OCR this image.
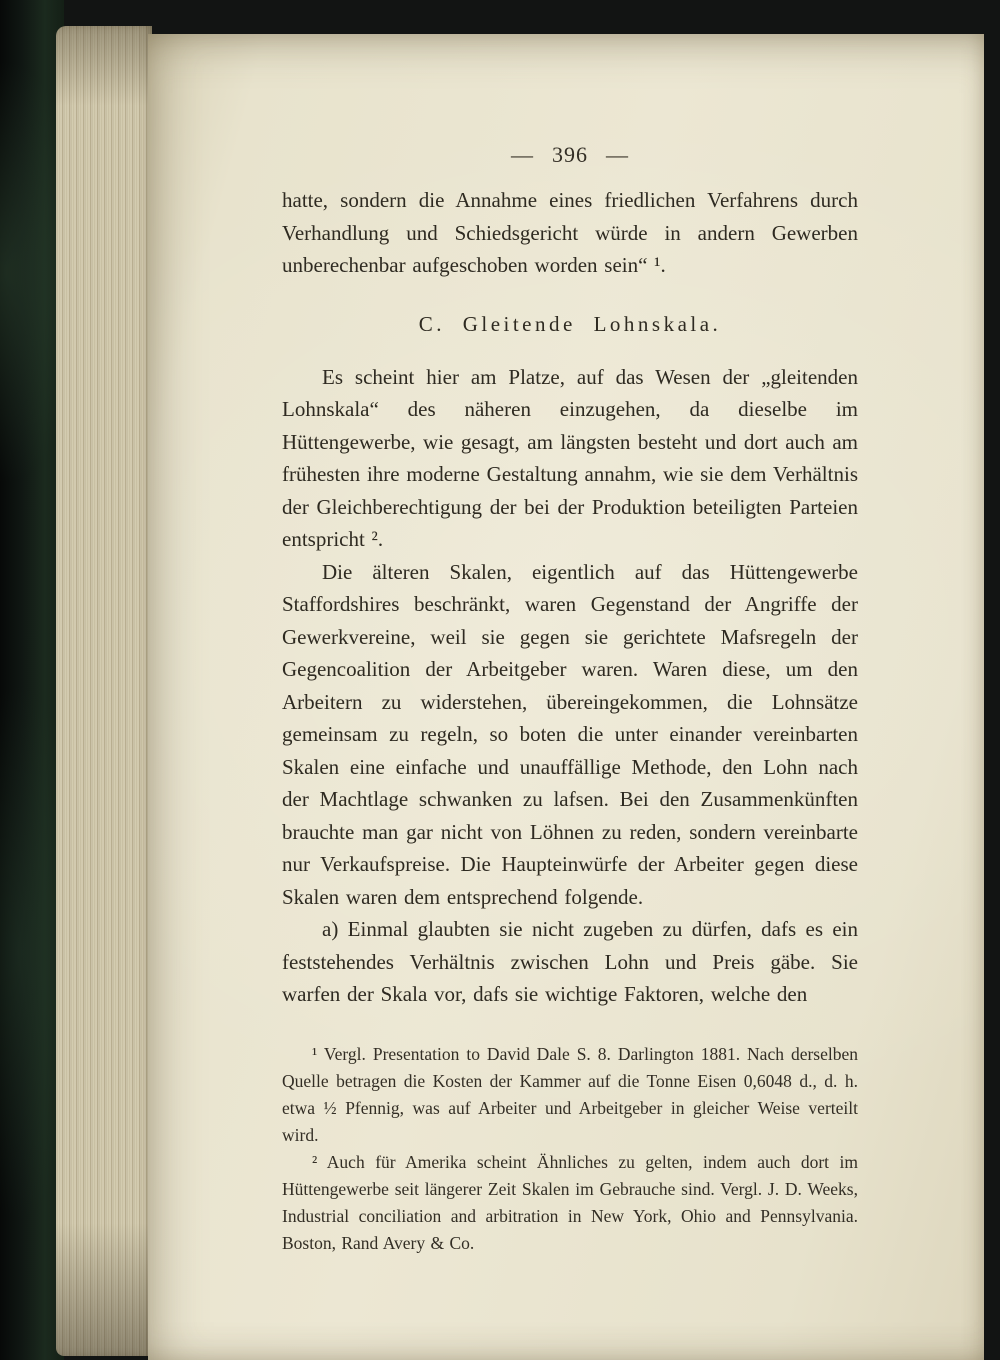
— 396 —

hatte, sondern die Annahme eines friedlichen Verfahrens durch Verhandlung und Schiedsgericht würde in andern Gewerben unberechenbar aufgeschoben worden sein“ ¹.

C. Gleitende Lohnskala.

Es scheint hier am Platze, auf das Wesen der „gleitenden Lohnskala“ des näheren einzugehen, da dieselbe im Hüttengewerbe, wie gesagt, am längsten besteht und dort auch am frühesten ihre moderne Gestaltung annahm, wie sie dem Verhältnis der Gleichberechtigung der bei der Produktion beteiligten Parteien entspricht ².

Die älteren Skalen, eigentlich auf das Hüttengewerbe Staffordshires beschränkt, waren Gegenstand der Angriffe der Gewerkvereine, weil sie gegen sie gerichtete Mafsregeln der Gegencoalition der Arbeitgeber waren. Waren diese, um den Arbeitern zu widerstehen, übereingekommen, die Lohnsätze gemeinsam zu regeln, so boten die unter einander vereinbarten Skalen eine einfache und unauffällige Methode, den Lohn nach der Machtlage schwanken zu lafsen. Bei den Zusammenkünften brauchte man gar nicht von Löhnen zu reden, sondern vereinbarte nur Verkaufspreise. Die Haupteinwürfe der Arbeiter gegen diese Skalen waren dem entsprechend folgende.

a) Einmal glaubten sie nicht zugeben zu dürfen, dafs es ein feststehendes Verhältnis zwischen Lohn und Preis gäbe. Sie warfen der Skala vor, dafs sie wichtige Faktoren, welche den

¹ Vergl. Presentation to David Dale S. 8. Darlington 1881. Nach derselben Quelle betragen die Kosten der Kammer auf die Tonne Eisen 0,6048 d., d. h. etwa ½ Pfennig, was auf Arbeiter und Arbeitgeber in gleicher Weise verteilt wird.

² Auch für Amerika scheint Ähnliches zu gelten, indem auch dort im Hüttengewerbe seit längerer Zeit Skalen im Gebrauche sind. Vergl. J. D. Weeks, Industrial conciliation and arbitration in New York, Ohio and Pennsylvania. Boston, Rand Avery & Co.
